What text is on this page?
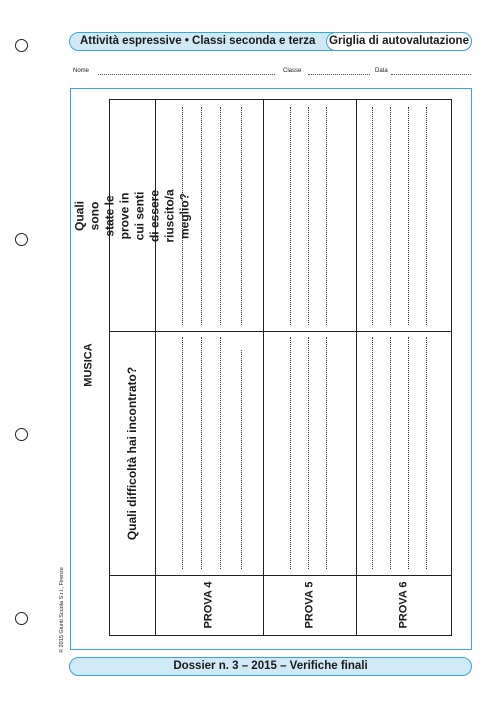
Attività espressive • Classi seconda e terza Griglia di autovalutazione
Nome	Classe	Data
MUSICA
© 2015 Giunti Scuola S.r.l., Firenze
Quali difficoltà hai incontrato?
Quali sono state le prove in cui senti di essere riuscito/a meglio?
PROVA 4	PROVA 5	PROVA 6
Dossier n. 3 – 2015 – Verifiche finali
